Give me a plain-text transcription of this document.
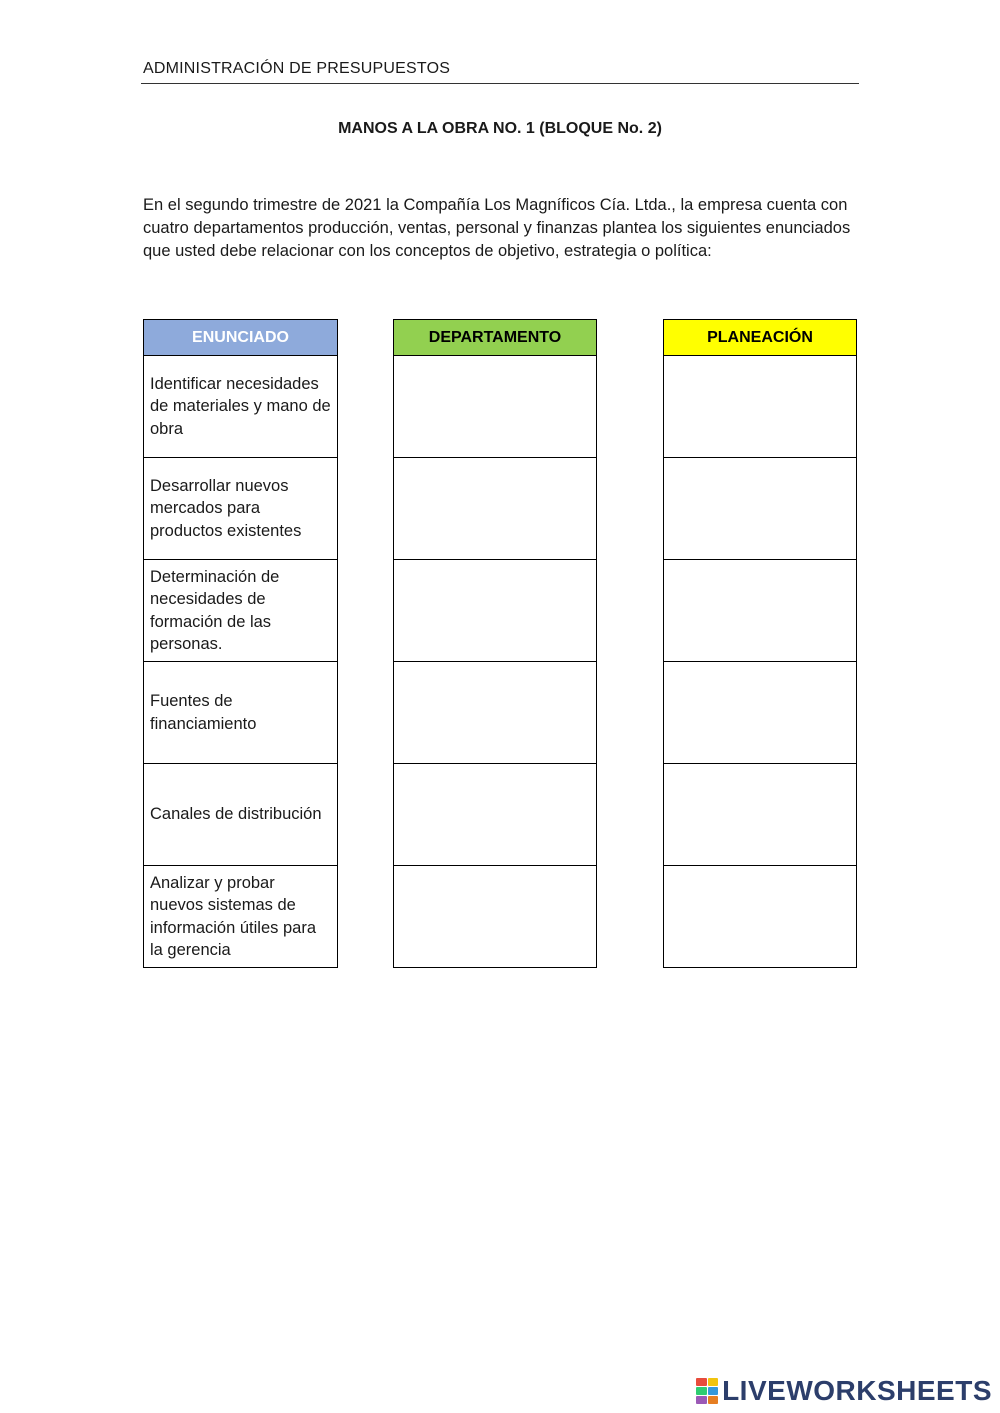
ADMINISTRACIÓN DE PRESUPUESTOS
MANOS A LA OBRA NO. 1 (BLOQUE No. 2)
En el segundo trimestre de 2021 la Compañía Los Magníficos Cía. Ltda., la empresa cuenta con cuatro departamentos producción, ventas, personal y finanzas plantea los siguientes enunciados que usted debe relacionar con los conceptos de objetivo, estrategia o política:
ENUNCIADO
Identificar necesidades de materiales y mano de obra
Desarrollar nuevos mercados para productos existentes
Determinación de necesidades de formación de las personas.
Fuentes de financiamiento
Canales de distribución
Analizar y probar nuevos sistemas de información útiles para la gerencia
DEPARTAMENTO	PLANEACIÓN
LIVEWORKSHEETS
